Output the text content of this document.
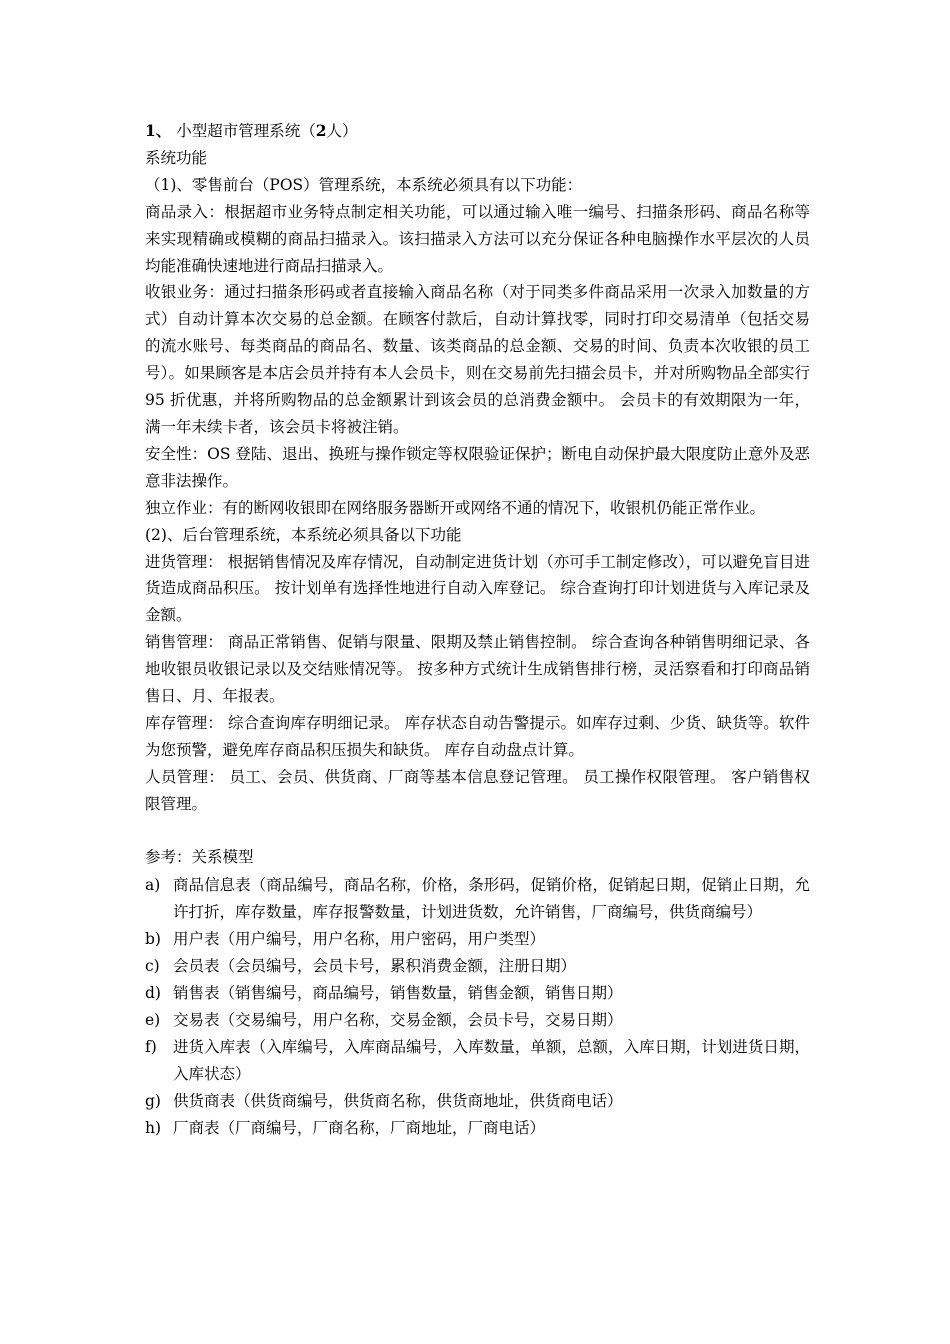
1、 小型超市管理系统（2人）

系统功能

（1)、零售前台（POS）管理系统，本系统必须具有以下功能：

商品录入：根据超市业务特点制定相关功能，可以通过输入唯一编号、扫描条形码、商品名称等来实现精确或模糊的商品扫描录入。该扫描录入方法可以充分保证各种电脑操作水平层次的人员均能准确快速地进行商品扫描录入。

收银业务：通过扫描条形码或者直接输入商品名称（对于同类多件商品采用一次录入加数量的方式）自动计算本次交易的总金额。在顾客付款后，自动计算找零，同时打印交易清单（包括交易的流水账号、每类商品的商品名、数量、该类商品的总金额、交易的时间、负责本次收银的员工号）。如果顾客是本店会员并持有本人会员卡，则在交易前先扫描会员卡，并对所购物品全部实行 95 折优惠，并将所购物品的总金额累计到该会员的总消费金额中。 会员卡的有效期限为一年，满一年未续卡者，该会员卡将被注销。

安全性：OS 登陆、退出、换班与操作锁定等权限验证保护；断电自动保护最大限度防止意外及恶意非法操作。

独立作业：有的断网收银即在网络服务器断开或网络不通的情况下，收银机仍能正常作业。

(2)、后台管理系统，本系统必须具备以下功能

进货管理： 根据销售情况及库存情况，自动制定进货计划（亦可手工制定修改），可以避免盲目进货造成商品积压。 按计划单有选择性地进行自动入库登记。 综合查询打印计划进货与入库记录及金额。

销售管理： 商品正常销售、促销与限量、限期及禁止销售控制。 综合查询各种销售明细记录、各地收银员收银记录以及交结账情况等。 按多种方式统计生成销售排行榜，灵活察看和打印商品销售日、月、年报表。

库存管理： 综合查询库存明细记录。 库存状态自动告警提示。如库存过剩、少货、缺货等。软件为您预警，避免库存商品积压损失和缺货。 库存自动盘点计算。

人员管理： 员工、会员、供货商、厂商等基本信息登记管理。 员工操作权限管理。 客户销售权限管理。

参考：关系模型

a) 商品信息表（商品编号，商品名称，价格，条形码，促销价格，促销起日期，促销止日期，允许打折，库存数量，库存报警数量，计划进货数，允许销售，厂商编号，供货商编号）
b) 用户表（用户编号，用户名称，用户密码，用户类型）
c) 会员表（会员编号，会员卡号，累积消费金额，注册日期）
d) 销售表（销售编号，商品编号，销售数量，销售金额，销售日期）
e) 交易表（交易编号，用户名称，交易金额，会员卡号，交易日期）
f)	进货入库表（入库编号，入库商品编号，入库数量，单额，总额，入库日期，计划进货日期，入库状态）
g) 供货商表（供货商编号，供货商名称，供货商地址，供货商电话）
h) 厂商表（厂商编号，厂商名称，厂商地址，厂商电话）
